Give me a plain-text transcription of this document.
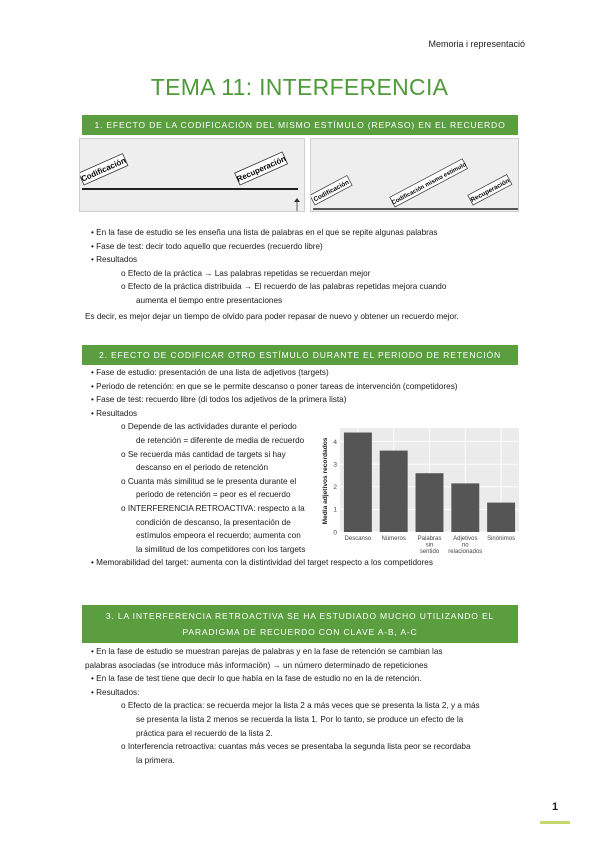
Memoria i representació
TEMA 11: INTERFERENCIA
1. EFECTO DE LA CODIFICACIÓN DEL MISMO ESTÍMULO (REPASO) EN EL RECUERDO
Codificación	Recuperación
Codificación	Codificación mismo estímulo Recuperación
• En la fase de estudio se les enseña una lista de palabras en el que se repite algunas palabras
• Fase de test: decir todo aquello que recuerdes (recuerdo libre)
• Resultados
o Efecto de la práctica → Las palabras repetidas se recuerdan mejor
o Efecto de la práctica distribuida → El recuerdo de las palabras repetidas mejora cuando
aumenta el tiempo entre presentaciones
Es decir, es mejor dejar un tiempo de olvido para poder repasar de nuevo y obtener un recuerdo mejor.
2. EFECTO DE CODIFICAR OTRO ESTÍMULO DURANTE EL PERIODO DE RETENCIÓN
• Fase de estudio: presentación de una lista de adjetivos (targets)
• Periodo de retención: en que se le permite descanso o poner tareas de intervención (competidores)
• Fase de test: recuerdo libre (di todos los adjetivos de la primera lista)
• Resultados
o Depende de las actividades durante el periodo
de retención = diferente de media de recuerdo
o Se recuerda más cantidad de targets si hay
descanso en el periodo de retención
o Cuanta más similitud se le presenta durante el
periodo de retención = peor es el recuerdo
o INTERFERENCIA RETROACTIVA: respecto a la
condición de descanso, la presentación de
estímulos empeora el recuerdo; aumenta con
la similitud de los competidores con los targets
• Memorabilidad del target: aumenta con la distintividad del target respecto a los competidores
Media adjetivos recordados
0
1
2
3
4
Descanso Números Palabras sin sentido
Adjetivos no relacionados
Sinónimos
3. LA INTERFERENCIA RETROACTIVA SE HA ESTUDIADO MUCHO UTILIZANDO EL PARADIGMA DE RECUERDO CON CLAVE A-B, A-C
• En la fase de estudio se muestran parejas de palabras y en la fase de retención se cambian las
palabras asociadas (se introduce más información) → un número determinado de repeticiones
• En la fase de test tiene que decir lo que había en la fase de estudio no en la de retención.
• Resultados:
o Efecto de la practica: se recuerda mejor la lista 2 a más veces que se presenta la lista 2, y a más
se presenta la lista 2 menos se recuerda la lista 1. Por lo tanto, se produce un efecto de la
práctica para el recuerdo de la lista 2.
o Interferencia retroactiva: cuantas más veces se presentaba la segunda lista peor se recordaba
la primera.
1
